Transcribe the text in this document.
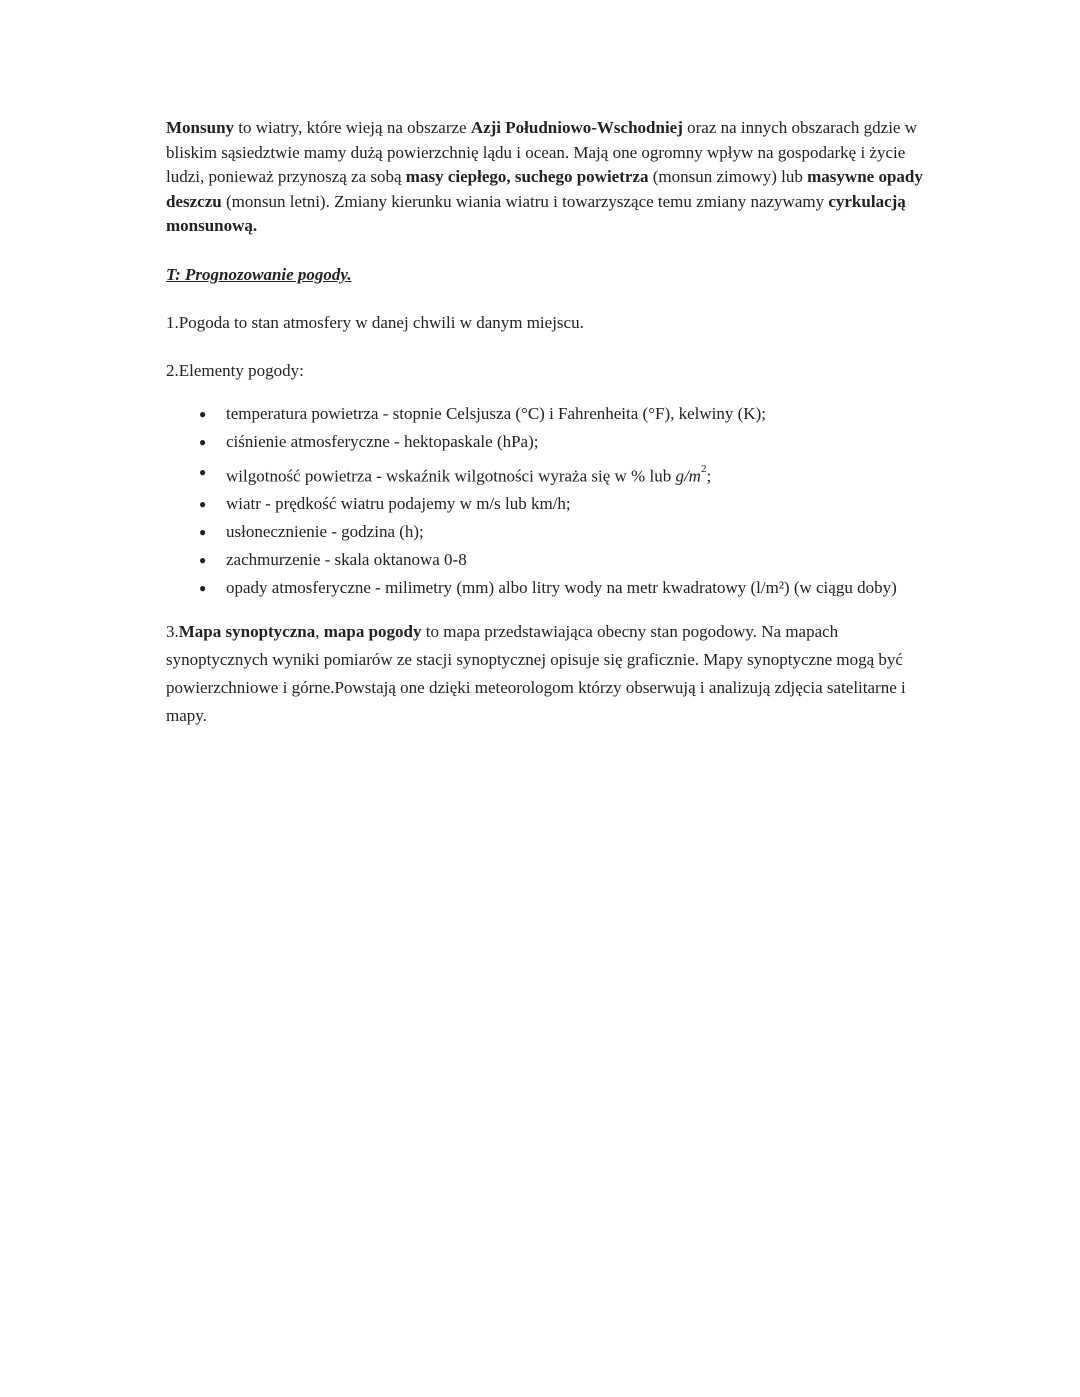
Monsuny to wiatry, które wieją na obszarze Azji Południowo-Wschodniej oraz na innych obszarach gdzie w bliskim sąsiedztwie mamy dużą powierzchnię lądu i ocean. Mają one ogromny wpływ na gospodarkę i życie ludzi, ponieważ przynoszą za sobą masy ciepłego, suchego powietrza (monsun zimowy) lub masywne opady deszczu (monsun letni). Zmiany kierunku wiania wiatru i towarzyszące temu zmiany nazywamy cyrkulacją monsunową.

T: Prognozowanie pogody.

1.Pogoda to stan atmosfery w danej chwili w danym miejscu.

2.Elementy pogody:

● temperatura powietrza - stopnie Celsjusza (°C) i Fahrenheita (°F), kelwiny (K);
● ciśnienie atmosferyczne - hektopaskale (hPa);
● wilgotność powietrza - wskaźnik wilgotności wyraża się w % lub $g/m^2$;
● wiatr - prędkość wiatru podajemy w m/s lub km/h;
● usłonecznienie - godzina (h);
● zachmurzenie - skala oktanowa 0-8
● opady atmosferyczne - milimetry (mm) albo litry wody na metr kwadratowy (l/m²) (w ciągu doby)

3.Mapa synoptyczna, mapa pogody to mapa przedstawiająca obecny stan pogodowy. Na mapach synoptycznych wyniki pomiarów ze stacji synoptycznej opisuje się graficznie. Mapy synoptyczne mogą być powierzchniowe i górne.Powstają one dzięki meteorologom którzy obserwują i analizują zdjęcia satelitarne i mapy.
